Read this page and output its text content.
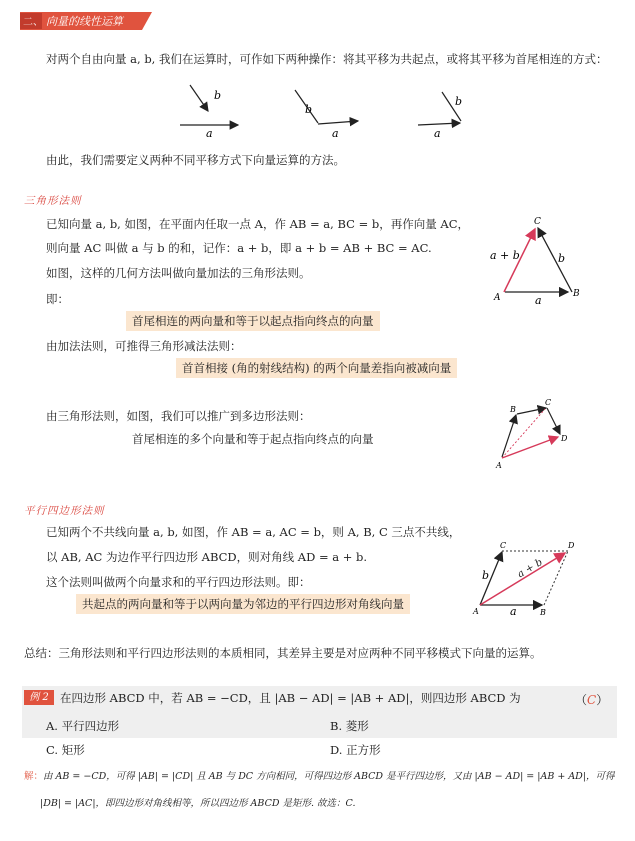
二、 向量的线性运算
对两个自由向量 a, b, 我们在运算时，可作如下两种操作：将其平移为共起点，或将其平移为首尾相连的方式：
a
b
a
b
a
b
由此，我们需要定义两种不同平移方式下向量运算的方法。
三角形法则
已知向量 a, b, 如图，在平面内任取一点 A，作 AB = a, BC = b，再作向量 AC，
则向量 AC 叫做 a 与 b 的和，记作：a + b，即 a + b = AB + BC = AC.
如图，这样的几何方法叫做向量加法的三角形法则。
即：
首尾相连的两向量和等于以起点指向终点的向量
由加法法则，可推得三角形减法法则：
首首相接 (角的射线结构) 的两个向量差指向被减向量
由三角形法则，如图，我们可以推广到多边形法则：
首尾相连的多个向量和等于起点指向终点的向量
A	B
C
a
b
a + b
A
B
C
D
平行四边形法则
已知两个不共线向量 a, b, 如图，作 AB = a, AC = b，则 A, B, C 三点不共线，
以 AB, AC 为边作平行四边形 ABCD，则对角线 AD = a + b.
这个法则叫做两个向量求和的平行四边形法则。即：
共起点的两向量和等于以两向量为邻边的平行四边形对角线向量
A	B
C	D
a
b	a + b
总结：三角形法则和平行四边形法则的本质相同，其差异主要是对应两种不同平移模式下向量的运算。
例 2 在四边形 ABCD 中，若 AB = −CD，且 |AB − AD| = |AB + AD|，则四边形 ABCD 为	（C）
A. 平行四边形	B. 菱形
C. 矩形	D. 正方形
解：由 AB = −CD，可得 |AB| = |CD| 且 AB 与 DC 方向相同，可得四边形 ABCD 是平行四边形，又由 |AB − AD| = |AB + AD|，可得
|DB| = |AC|，即四边形对角线相等，所以四边形 ABCD 是矩形. 故选：C.
